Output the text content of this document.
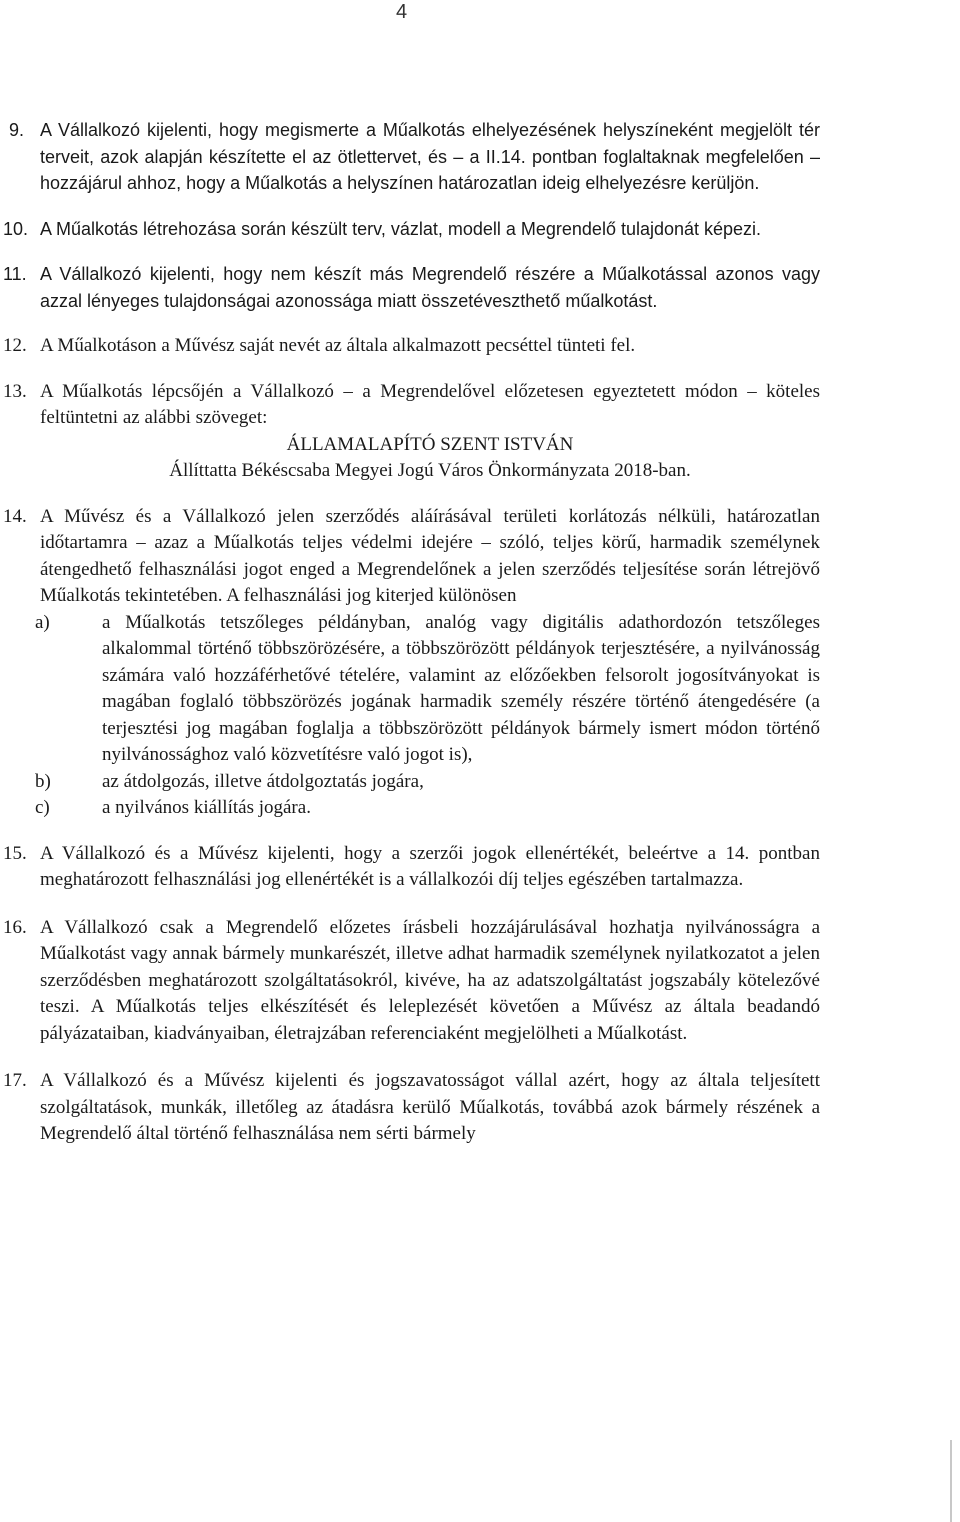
4
9. A Vállalkozó kijelenti, hogy megismerte a Műalkotás elhelyezésének helyszíneként megjelölt tér terveit, azok alapján készítette el az ötlettervet, és – a II.14. pontban foglaltaknak megfelelően – hozzájárul ahhoz, hogy a Műalkotás a helyszínen határozatlan ideig elhelyezésre kerüljön.

10. A Műalkotás létrehozása során készült terv, vázlat, modell a Megrendelő tulajdonát képezi.

11. A Vállalkozó kijelenti, hogy nem készít más Megrendelő részére a Műalkotással azonos vagy azzal lényeges tulajdonságai azonossága miatt összetéveszthető műalkotást.

12. A Műalkotáson a Művész saját nevét az általa alkalmazott pecséttel tünteti fel.

13. A Műalkotás lépcsőjén a Vállalkozó – a Megrendelővel előzetesen egyeztetett módon – köteles feltüntetni az alábbi szöveget:

ÁLLAMALAPÍTÓ SZENT ISTVÁN

Állíttatta Békéscsaba Megyei Jogú Város Önkormányzata 2018-ban.

14. A Művész és a Vállalkozó jelen szerződés aláírásával területi korlátozás nélküli, határozatlan időtartamra – azaz a Műalkotás teljes védelmi idejére – szóló, teljes körű, harmadik személynek átengedhető felhasználási jogot enged a Megrendelőnek a jelen szerződés teljesítése során létrejövő Műalkotás tekintetében. A felhasználási jog kiterjed különösen

a)	a Műalkotás tetszőleges példányban, analóg vagy digitális adathordozón tetszőleges alkalommal történő többszörözésére, a többszörözött példányok terjesztésére, a nyilvánosság számára való hozzáférhetővé tételére, valamint az előzőekben felsorolt jogosítványokat is magában foglaló többszörözés jogának harmadik személy részére történő átengedésére (a terjesztési jog magában foglalja a többszörözött példányok bármely ismert módon történő nyilvánossághoz való közvetítésre való jogot is),

b)	az átdolgozás, illetve átdolgoztatás jogára,

c)	a nyilvános kiállítás jogára.

15. A Vállalkozó és a Művész kijelenti, hogy a szerzői jogok ellenértékét, beleértve a 14. pontban meghatározott felhasználási jog ellenértékét is a vállalkozói díj teljes egészében tartalmazza.

16. A Vállalkozó csak a Megrendelő előzetes írásbeli hozzájárulásával hozhatja nyilvánosságra a Műalkotást vagy annak bármely munkarészét, illetve adhat harmadik személynek nyilatkozatot a jelen szerződésben meghatározott szolgáltatásokról, kivéve, ha az adatszolgáltatást jogszabály kötelezővé teszi. A Műalkotás teljes elkészítését és leleplezését követően a Művész az általa beadandó pályázataiban, kiadványaiban, életrajzában referenciaként megjelölheti a Műalkotást.

17. A Vállalkozó és a Művész kijelenti és jogszavatosságot vállal azért, hogy az általa teljesített szolgáltatások, munkák, illetőleg az átadásra kerülő Műalkotás, továbbá azok bármely részének a Megrendelő által történő felhasználása nem sérti bármely
